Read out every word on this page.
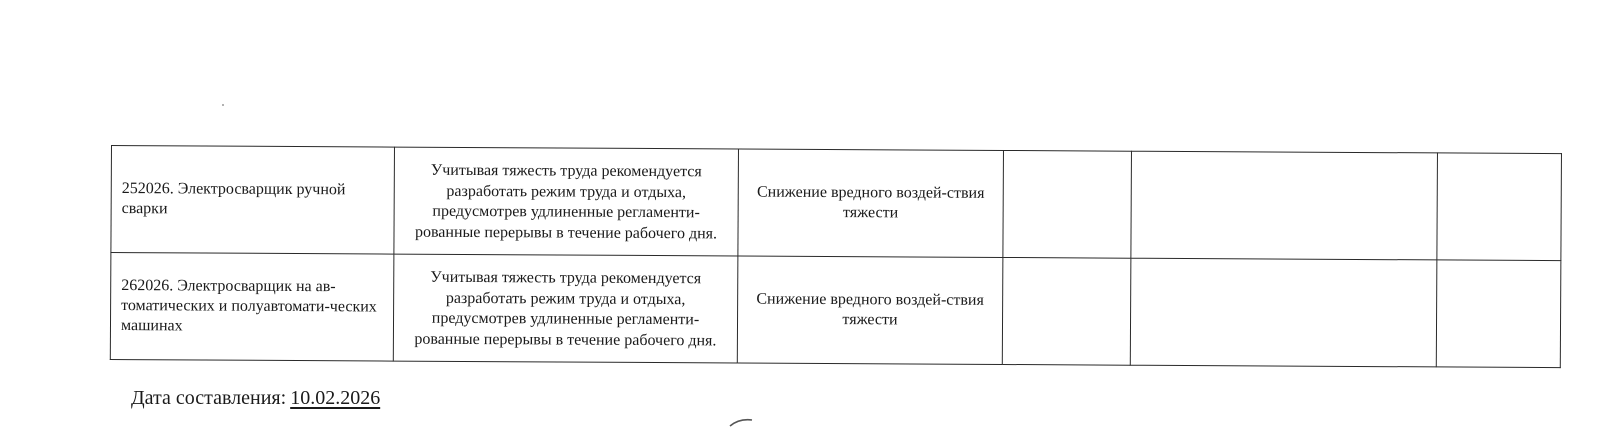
252026. Электросварщик ручной сварки	Учитывая тяжесть труда рекомендуется разработать режим труда и отдыха, предусмотрев удлиненные регламенти-рованные перерывы в течение рабочего дня.	Снижение вредного воздей-ствия тяжести			
262026. Электросварщик на ав-томатических и полуавтомати-ческих машинах	Учитывая тяжесть труда рекомендуется разработать режим труда и отдыха, предусмотрев удлиненные регламенти-рованные перерывы в течение рабочего дня.	Снижение вредного воздей-ствия тяжести			
Дата составления: 10.02.2026
